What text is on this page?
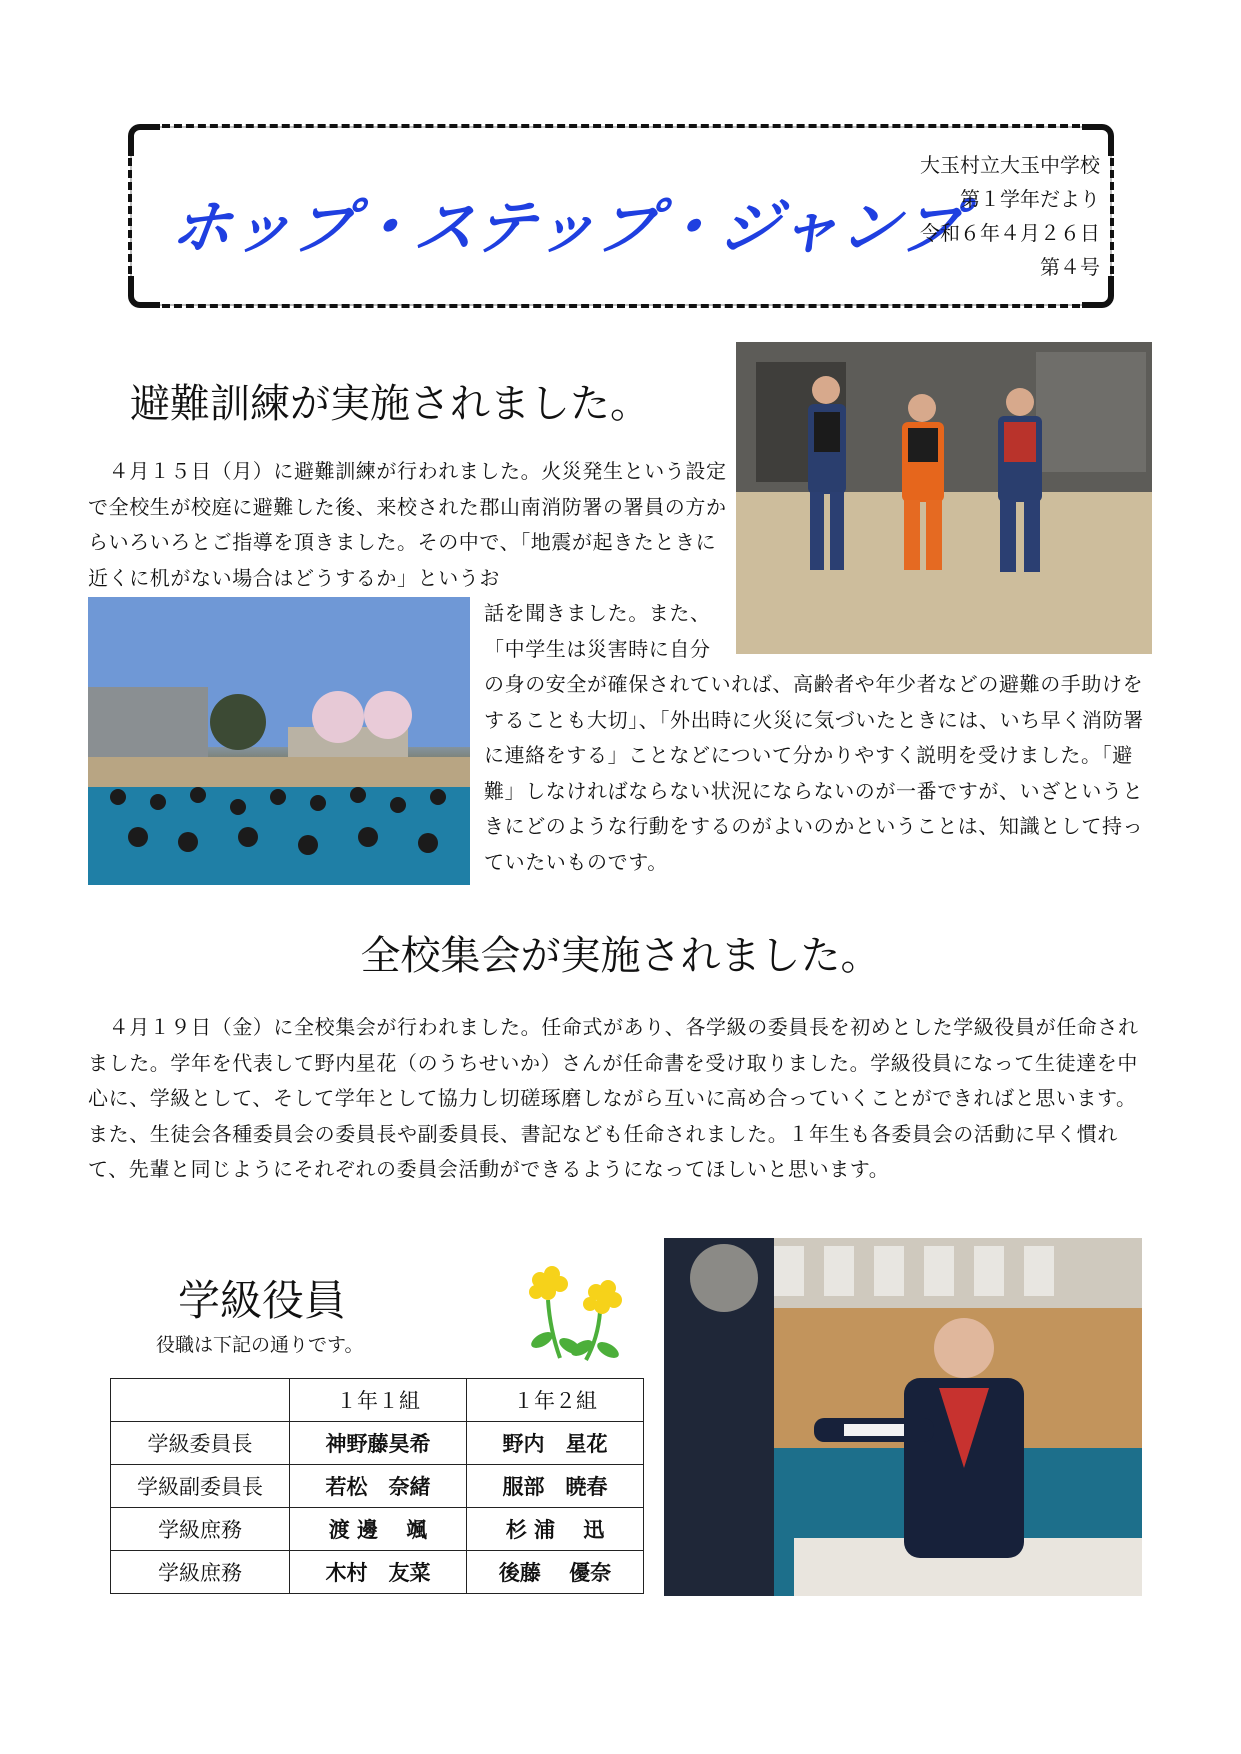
ホップ・ステップ・ジャンプ
大玉村立大玉中学校
第１学年だより
令和６年４月２６日
第４号
避難訓練が実施されました。
　４月１５日（月）に避難訓練が行われました。火災発生という設定で全校生が校庭に避難した後、来校された郡山南消防署の署員の方からいろいろとご指導を頂きました。その中で、「地震が起きたときに近くに机がない場合はどうするか」というお
話を聞きました。また、「中学生は災害時に自分
の身の安全が確保されていれば、高齢者や年少者などの避難の手助けをすることも大切」、「外出時に火災に気づいたときには、いち早く消防署に連絡をする」ことなどについて分かりやすく説明を受けました。「避難」しなければならない状況にならないのが一番ですが、いざというときにどのような行動をするのがよいのかということは、知識として持っていたいものです。
全校集会が実施されました。
　４月１９日（金）に全校集会が行われました。任命式があり、各学級の委員長を初めとした学級役員が任命されました。学年を代表して野内星花（のうちせいか）さんが任命書を受け取りました。学級役員になって生徒達を中心に、学級として、そして学年として協力し切磋琢磨しながら互いに高め合っていくことができればと思います。また、生徒会各種委員会の委員長や副委員長、書記なども任命されました。１年生も各委員会の活動に早く慣れて、先輩と同じようにそれぞれの委員会活動ができるようになってほしいと思います。
学級役員
役職は下記の通りです。
	１年１組	１年２組
学級委員長	神野藤昊希	野内　星花
学級副委員長	若松　奈緒	服部　暁春
学級庶務	渡 邊　 颯	杉 浦　 迅
学級庶務	木村　友菜	後藤　 優奈
